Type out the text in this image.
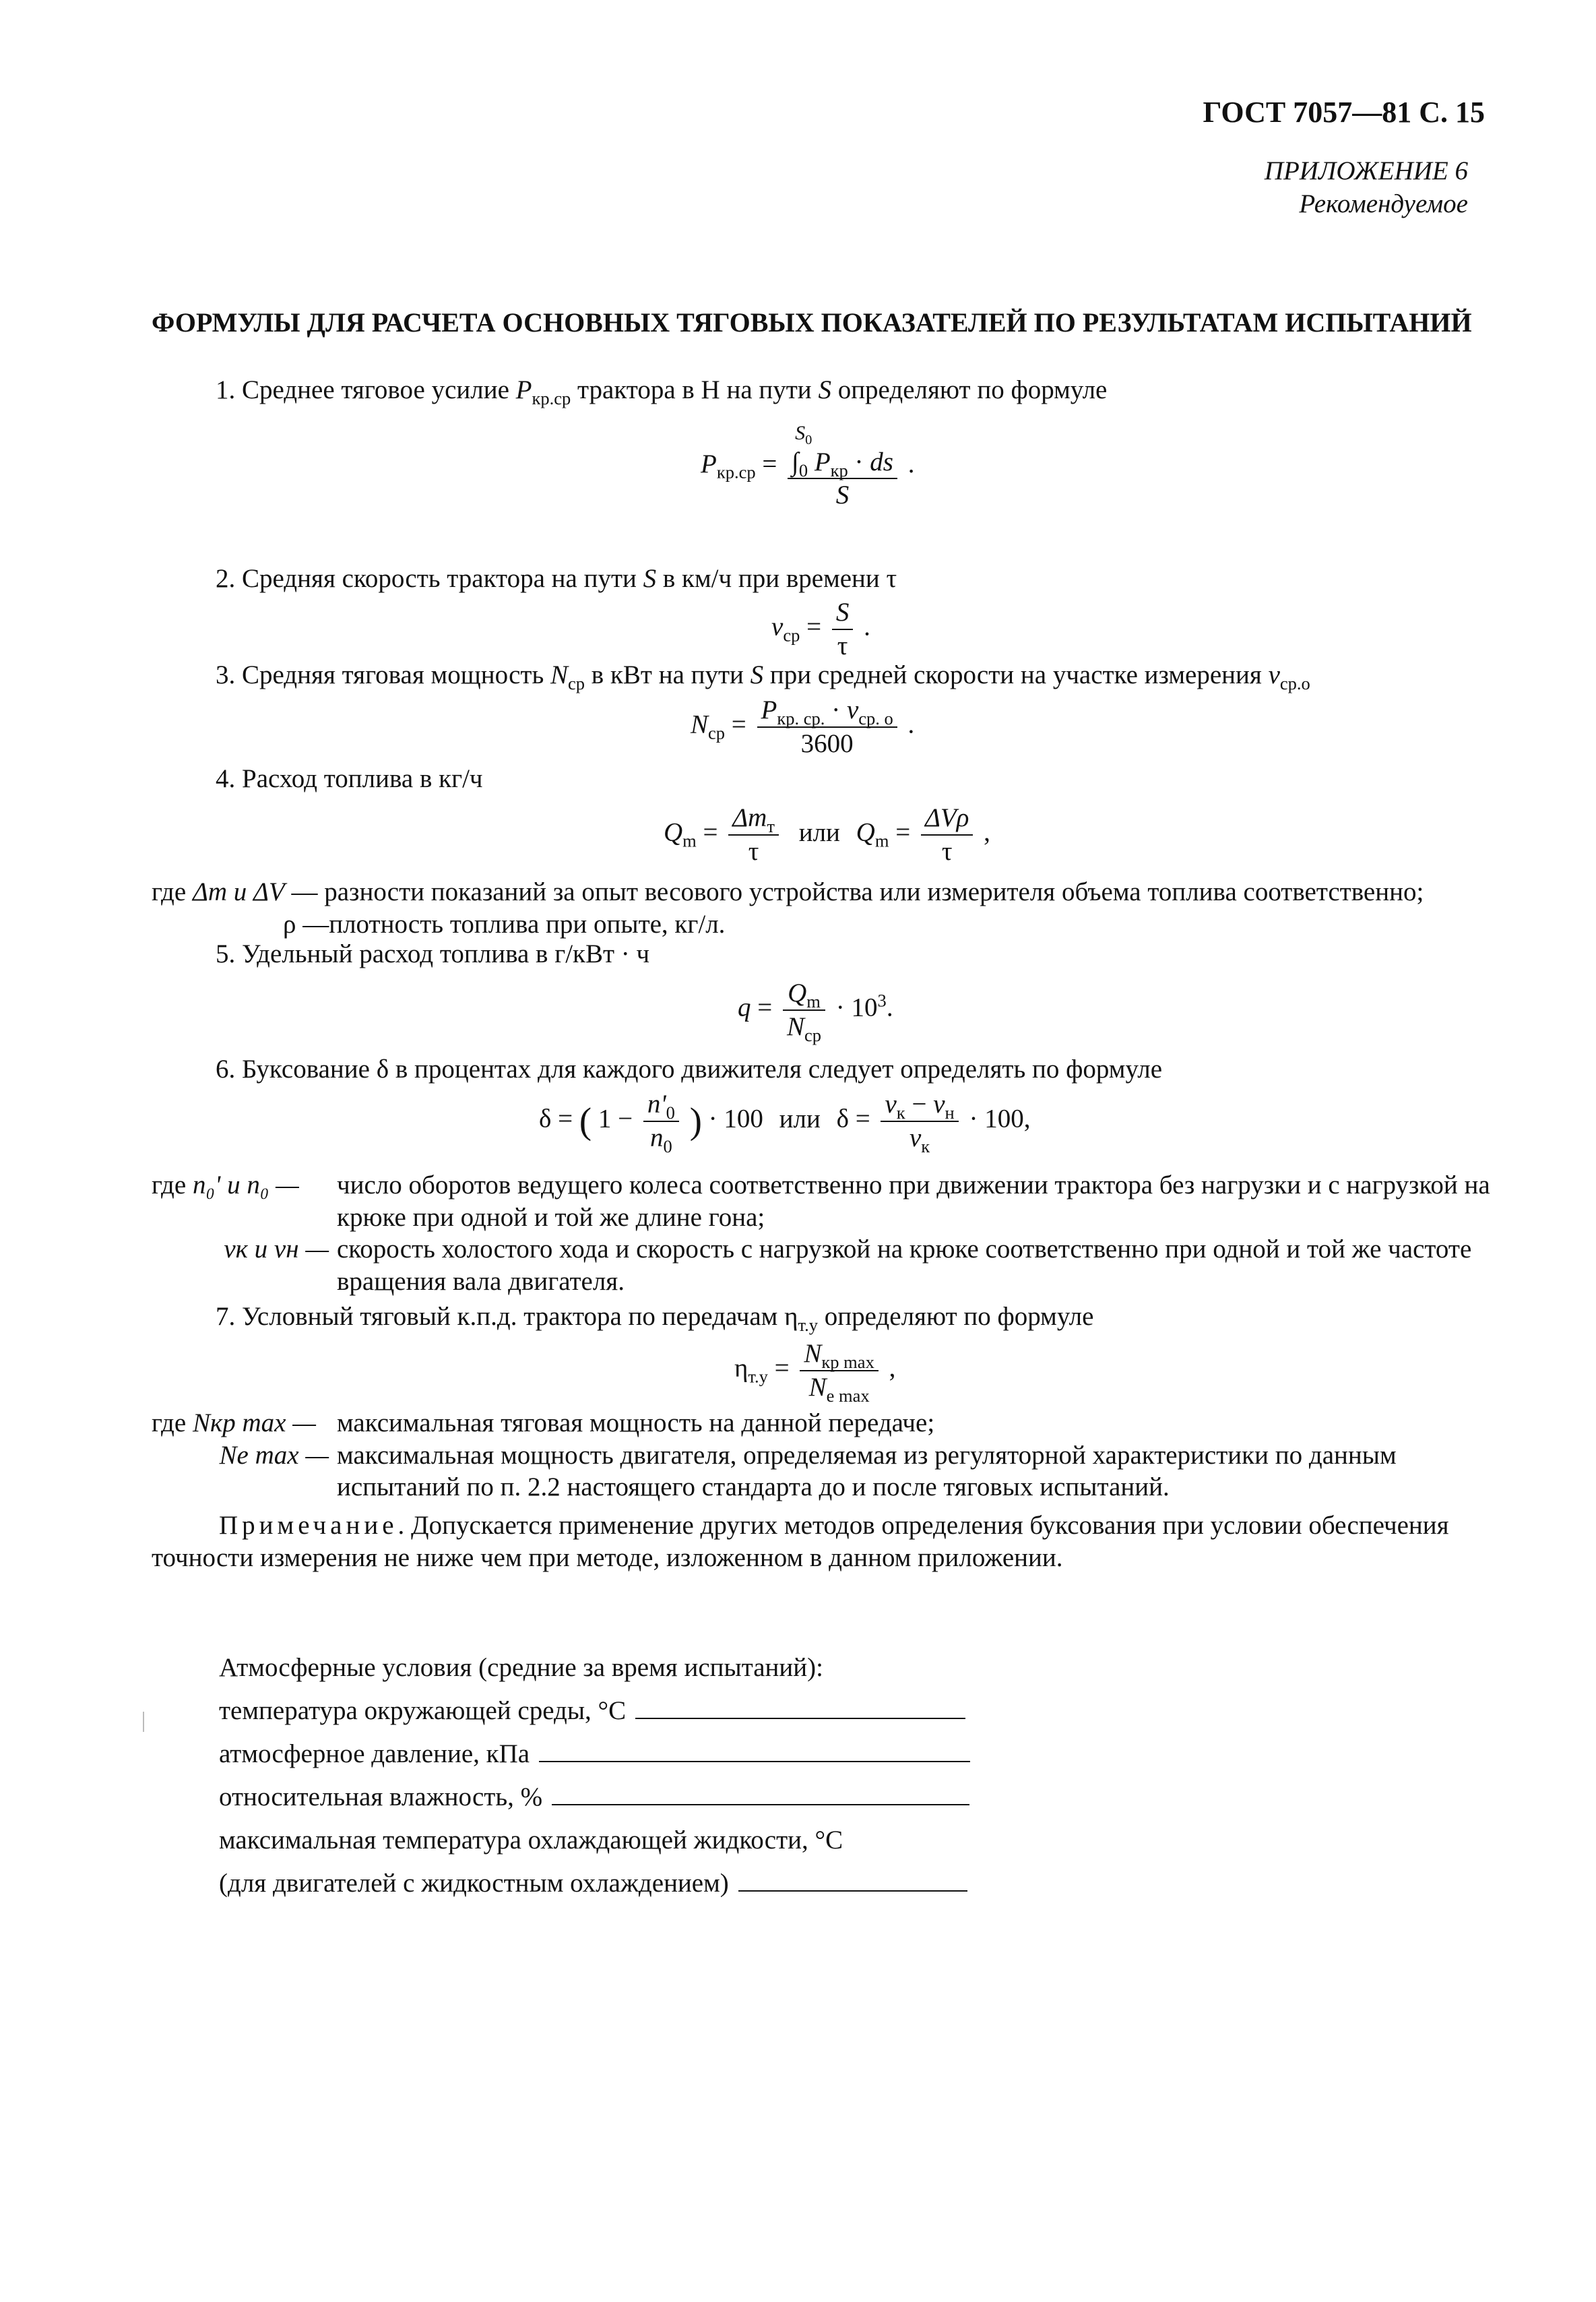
ГОСТ 7057—81 С. 15
ПРИЛОЖЕНИЕ 6
Рекомендуемое
ФОРМУЛЫ ДЛЯ РАСЧЕТА ОСНОВНЫХ ТЯГОВЫХ ПОКАЗАТЕЛЕЙ ПО РЕЗУЛЬТАТАМ ИСПЫТАНИЙ
1. Среднее тяговое усилие $P_{кр.ср}$ трактора в Н на пути S определяют по формуле
$P_{кр.ср} = S_0$
$\int_0$ $P_{кр}$ · ds
S .
2. Средняя скорость трактора на пути S в км/ч при времени τ
$v_{ср} = \frac{S}{\tau}$ .
3. Средняя тяговая мощность $N_{ср}$ в кВт на пути S при средней скорости на участке измерения $v_{ср.о}$
$N_{ср} = \frac{P_{кр. ср.} \cdot v_{ср. о}}{3600}$ .
4. Расход топлива в кг/ч
$Q_m = \frac{\Delta m_т}{\tau}$ или $Q_m = \frac{\text{ΔVρ}}{\tau}$ ,
где Δm и ΔV — разности показаний за опыт весового устройства или измерителя объема топлива соответственно;
ρ —плотность топлива при опыте, кг/л.
5. Удельный расход топлива в г/кВт · ч
$q = \frac{Q_m}{N_{ср}} \cdot 10^3$.
6. Буксование δ в процентах для каждого движителя следует определять по формуле
δ = ( $1 - \frac{n'_0}{n_0}$ ) · 100 или $\delta = \frac{v_к - v_н}{v_к} \cdot 100$,
где n₀' и n₀ —	число оборотов ведущего колеса соответственно при движении трактора без нагрузки и с нагрузкой на крюке при одной и той же длине гона;
vк и vн — скорость холостого хода и скорость с нагрузкой на крюке соответственно при одной и той же частоте вращения вала двигателя.
7. Условный тяговый к.п.д. трактора по передачам $\eta_{т.у}$ определяют по формуле
$\eta_{т.у} = \frac{N_{кр max}}{N_{e max}}$ ,
где Nкр max — максимальная тяговая мощность на данной передаче;
Ne max — максимальная мощность двигателя, определяемая из регуляторной характеристики по данным испытаний по п. 2.2 настоящего стандарта до и после тяговых испытаний.
Примечание. Допускается применение других методов определения буксования при условии обеспечения точности измерения не ниже чем при методе, изложенном в данном приложении.
Атмосферные условия (средние за время испытаний):
температура окружающей среды, °С
атмосферное давление, кПа
относительная влажность, %
максимальная температура охлаждающей жидкости, °С
(для двигателей с жидкостным охлаждением)
